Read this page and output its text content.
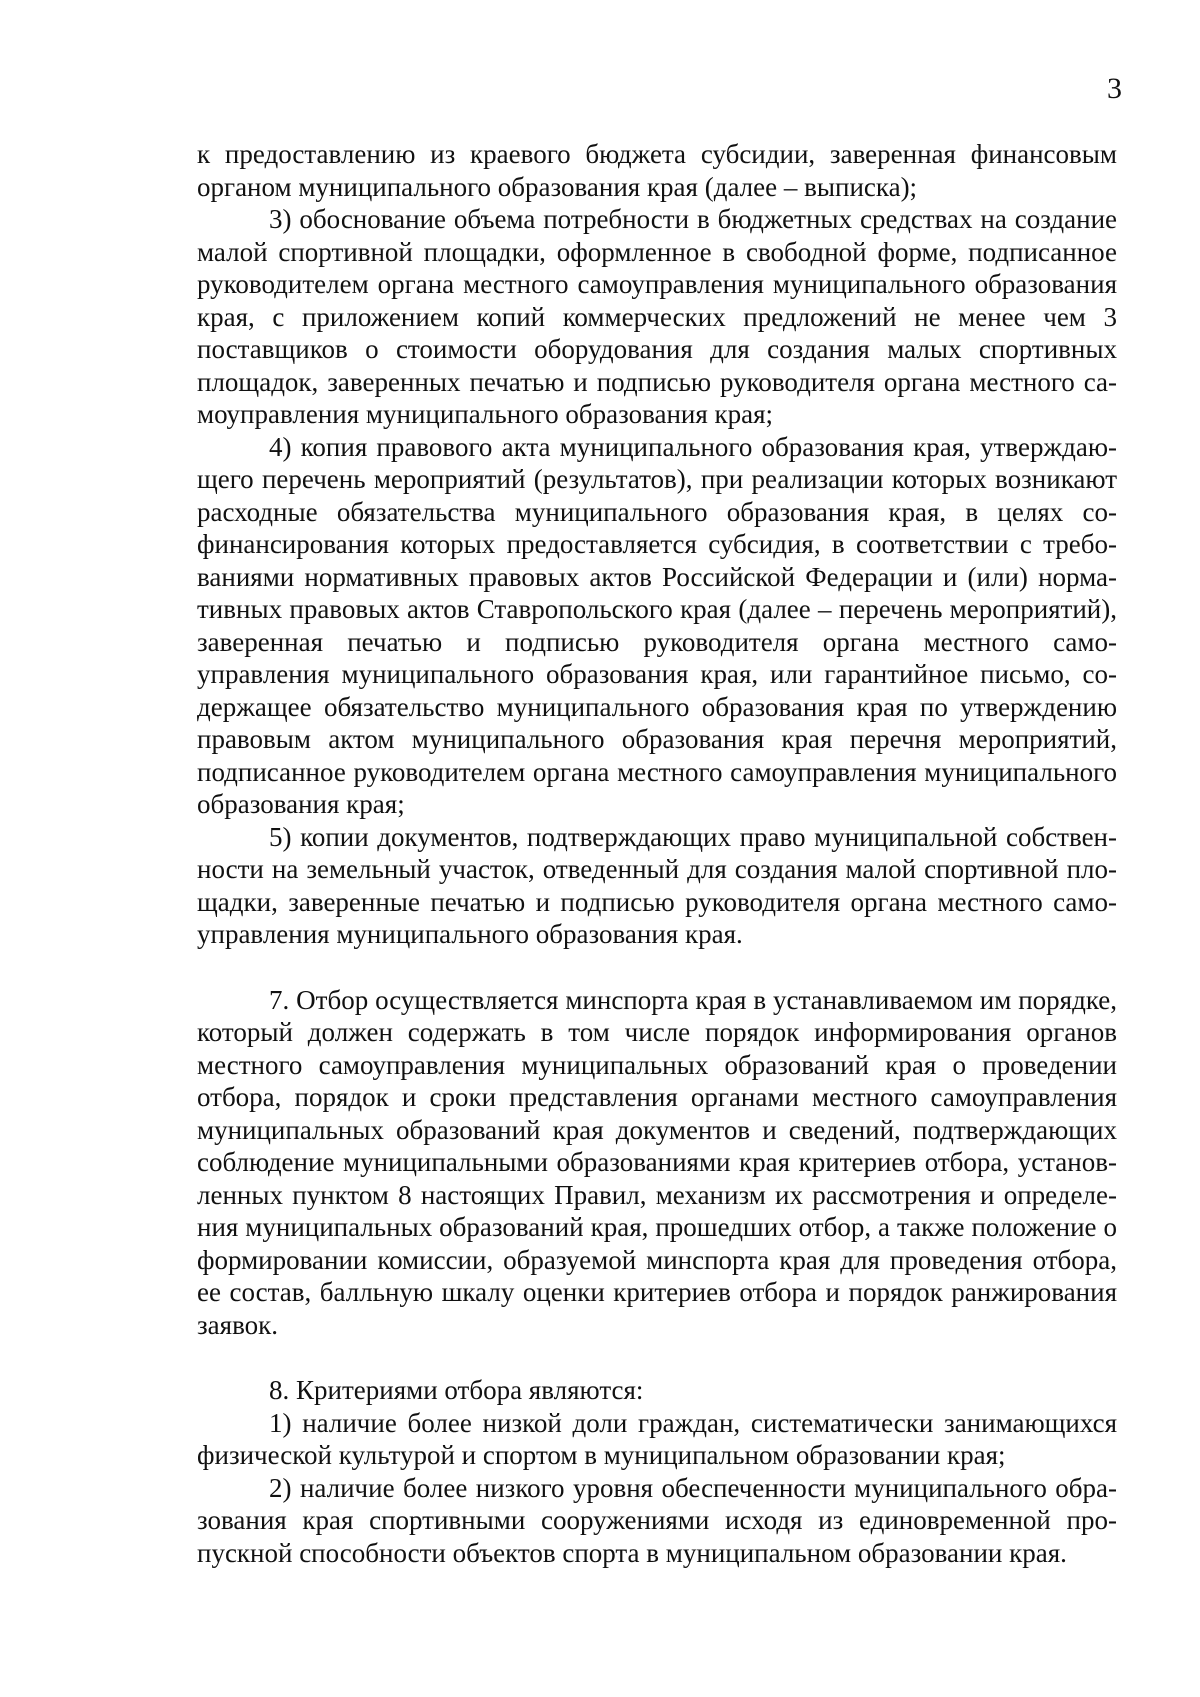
3

к предоставлению из краевого бюджета субсидии, заверенная финансовым органом муниципального образования края (далее – выписка);

3) обоснование объема потребности в бюджетных средствах на создание малой спортивной площадки, оформленное в свободной форме, подписанное руководителем органа местного самоуправления муниципального образования края, с приложением копий коммерческих предложений не менее чем 3 поставщиков о стоимости оборудования для создания малых спортивных площадок, заверенных печатью и подписью руководителя органа местного самоуправления муниципального образования края;

4) копия правового акта муниципального образования края, утверждающего перечень мероприятий (результатов), при реализации которых возникают расходные обязательства муниципального образования края, в целях софинансирования которых предоставляется субсидия, в соответствии с требованиями нормативных правовых актов Российской Федерации и (или) нормативных правовых актов Ставропольского края (далее – перечень мероприятий), заверенная печатью и подписью руководителя органа местного самоуправления муниципального образования края, или гарантийное письмо, содержащее обязательство муниципального образования края по утверждению правовым актом муниципального образования края перечня мероприятий, подписанное руководителем органа местного самоуправления муниципального образования края;

5) копии документов, подтверждающих право муниципальной собственности на земельный участок, отведенный для создания малой спортивной площадки, заверенные печатью и подписью руководителя органа местного самоуправления муниципального образования края.

7. Отбор осуществляется минспорта края в устанавливаемом им порядке, который должен содержать в том числе порядок информирования органов местного самоуправления муниципальных образований края о проведении отбора, порядок и сроки представления органами местного самоуправления муниципальных образований края документов и сведений, подтверждающих соблюдение муниципальными образованиями края критериев отбора, установленных пунктом 8 настоящих Правил, механизм их рассмотрения и определения муниципальных образований края, прошедших отбор, а также положение о формировании комиссии, образуемой минспорта края для проведения отбора, ее состав, балльную шкалу оценки критериев отбора и порядок ранжирования заявок.

8. Критериями отбора являются:

1) наличие более низкой доли граждан, систематически занимающихся физической культурой и спортом в муниципальном образовании края;

2) наличие более низкого уровня обеспеченности муниципального образования края спортивными сооружениями исходя из единовременной пропускной способности объектов спорта в муниципальном образовании края.
